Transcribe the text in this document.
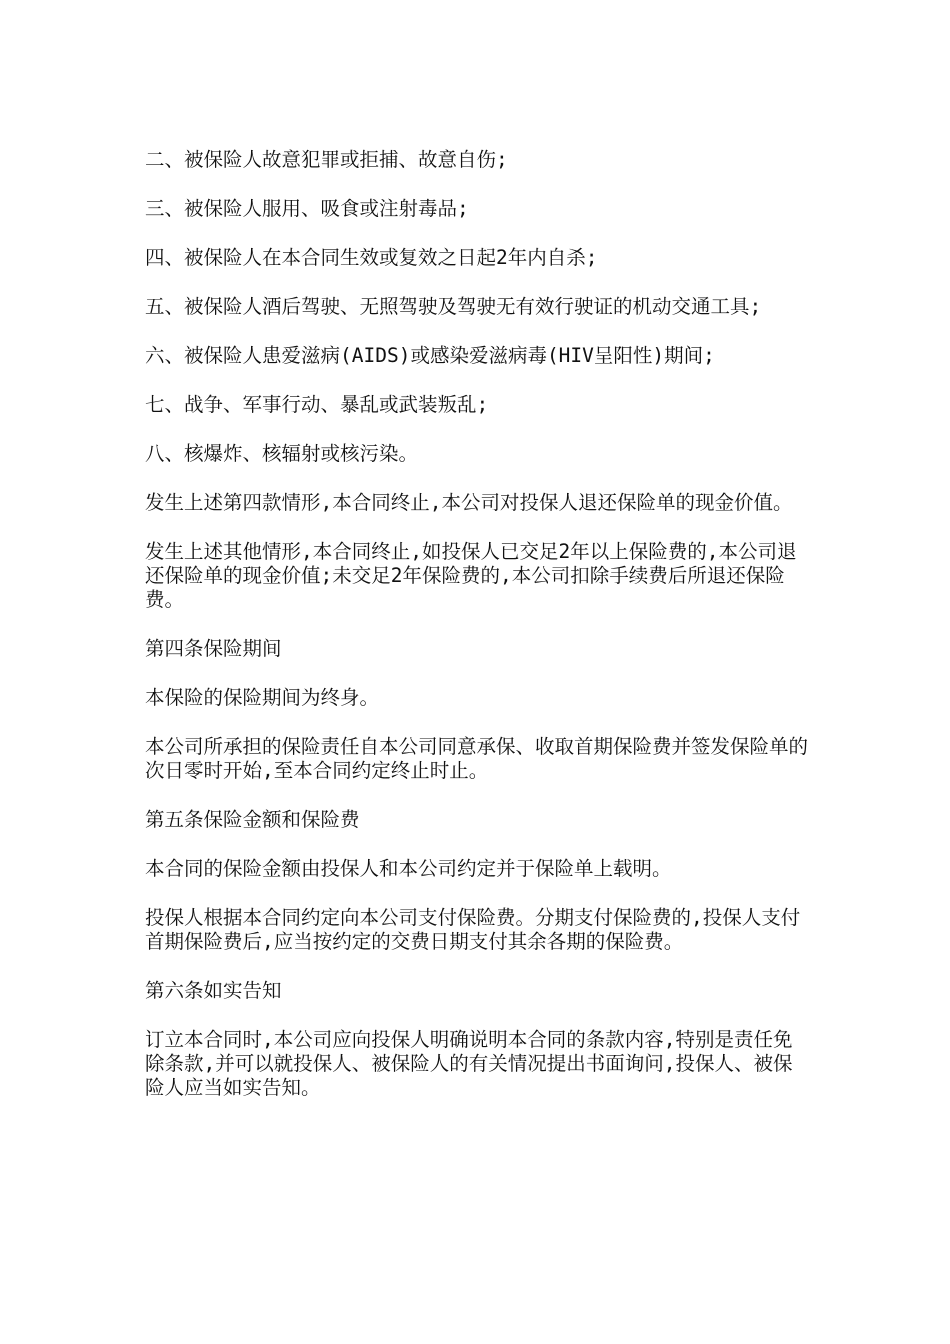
二、被保险人故意犯罪或拒捕、故意自伤;

三、被保险人服用、吸食或注射毒品;

四、被保险人在本合同生效或复效之日起2年内自杀;

五、被保险人酒后驾驶、无照驾驶及驾驶无有效行驶证的机动交通工具;

六、被保险人患爱滋病(AIDS)或感染爱滋病毒(HIV呈阳性)期间;

七、战争、军事行动、暴乱或武装叛乱;

八、核爆炸、核辐射或核污染。

发生上述第四款情形,本合同终止,本公司对投保人退还保险单的现金价值。

发生上述其他情形,本合同终止,如投保人已交足2年以上保险费的,本公司退还保险单的现金价值;未交足2年保险费的,本公司扣除手续费后所退还保险费。

第四条保险期间

本保险的保险期间为终身。

本公司所承担的保险责任自本公司同意承保、收取首期保险费并签发保险单的次日零时开始,至本合同约定终止时止。

第五条保险金额和保险费

本合同的保险金额由投保人和本公司约定并于保险单上载明。

投保人根据本合同约定向本公司支付保险费。分期支付保险费的,投保人支付首期保险费后,应当按约定的交费日期支付其余各期的保险费。

第六条如实告知

订立本合同时,本公司应向投保人明确说明本合同的条款内容,特别是责任免除条款,并可以就投保人、被保险人的有关情况提出书面询问,投保人、被保险人应当如实告知。
